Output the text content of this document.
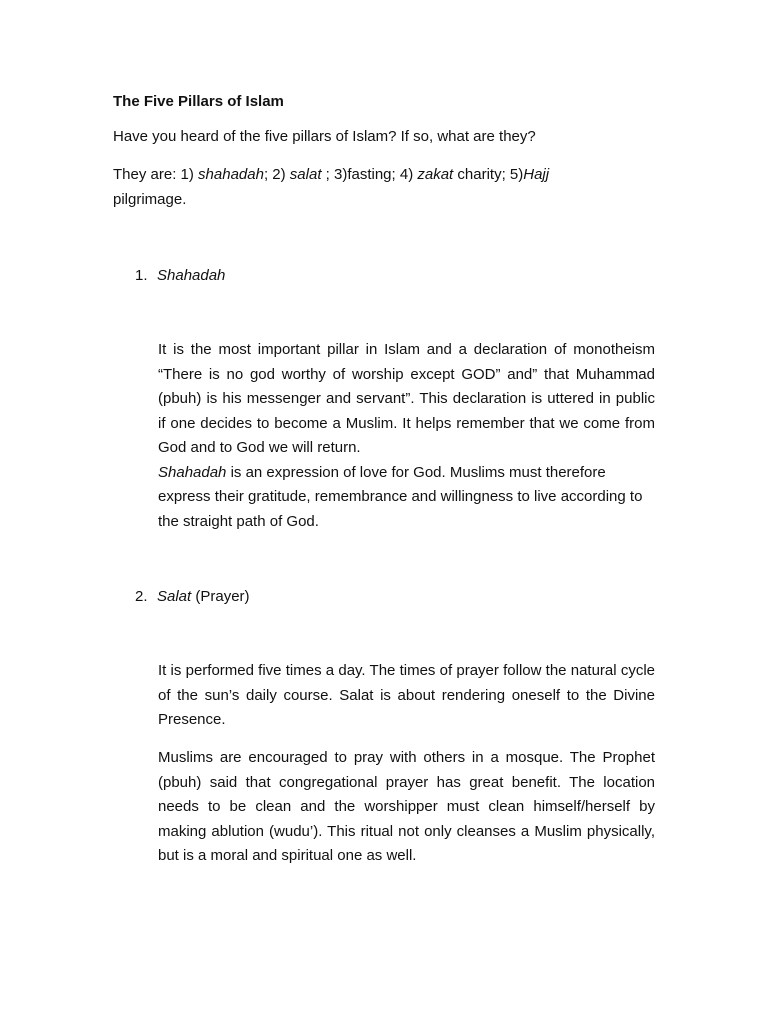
The Five Pillars of Islam

Have you heard of the five pillars of Islam? If so, what are they?

They are: 1) shahadah; 2) salat ; 3)fasting; 4) zakat charity; 5)Hajj pilgrimage.

1. Shahadah

It is the most important pillar in Islam and a declaration of monotheism “There is no god worthy of worship except GOD” and” that Muhammad (pbuh) is his messenger and servant”. This declaration is uttered in public if one decides to become a Muslim. It helps remember that we come from God and to God we will return.
Shahadah is an expression of love for God. Muslims must therefore express their gratitude, remembrance and willingness to live according to the straight path of God.

2. Salat (Prayer)

It is performed five times a day. The times of prayer follow the natural cycle of the sun’s daily course. Salat is about rendering oneself to the Divine Presence.

Muslims are encouraged to pray with others in a mosque. The Prophet (pbuh) said that congregational prayer has great benefit. The location needs to be clean and the worshipper must clean himself/herself by making ablution (wudu’). This ritual not only cleanses a Muslim physically, but is a moral and spiritual one as well.
